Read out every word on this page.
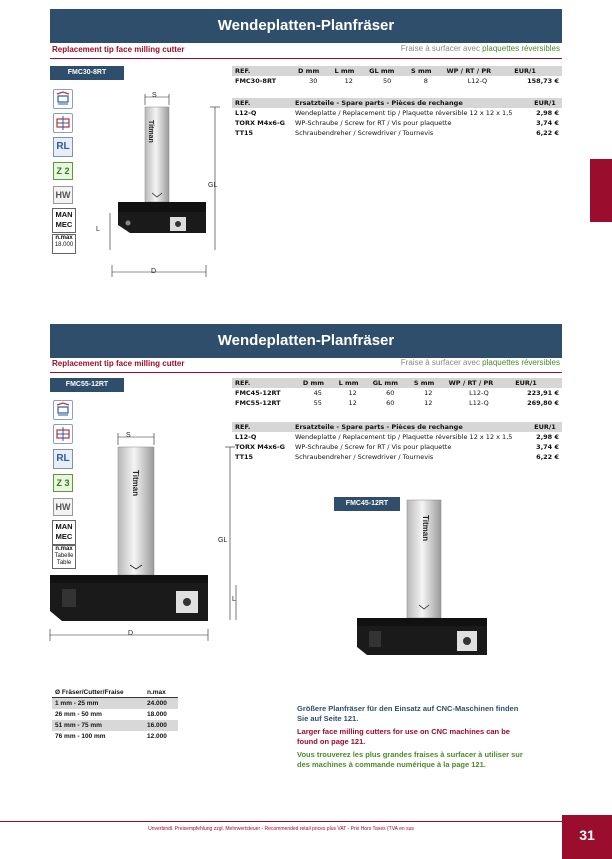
Wendeplatten-Planfräser
Replacement tip face milling cutter	Fraise à surfacer avec plaquettes réversibles
FMC30-8RT	REF.	D mm	L mm	GL mm	S mm	WP / RT / PR	EUR/1
FMC30-8RT	30	12	50	8	L12-Q	158,73 €
REF.	Ersatzteile - Spare parts - Pièces de rechange	EUR/1
L12-Q	Wendeplatte / Replacement tip / Plaquette réversible 12 x 12 x 1,5	2,98 €
TORX M4x6-G	WP-Schraube / Screw for RT / Vis pour plaquette	3,74 €
TT15	Schraubendreher / Screwdriver / Tournevis	6,22 €
RL
Z 2
HW
MAN
MEC
n.max
18.000
S
GL
L
D
Titman
Wendeplatten-Planfräser
Replacement tip face milling cutter	Fraise à surfacer avec plaquettes réversibles
FMC55-12RT	REF.	D mm	L mm	GL mm	S mm	WP / RT / PR	EUR/1
FMC45-12RT	45	12	60	12	L12-Q	223,91 €
FMC55-12RT	55	12	60	12	L12-Q	269,80 €
REF.	Ersatzteile - Spare parts - Pièces de rechange	EUR/1
L12-Q	Wendeplatte / Replacement tip / Plaquette réversible 12 x 12 x 1,5	2,98 €
TORX M4x6-G	WP-Schraube / Screw for RT / Vis pour plaquette	3,74 €
TT15	Schraubendreher / Screwdriver / Tournevis	6,22 €
RL
Z 3
HW
MAN
MEC
n.max
Tabelle
Table
S
GL
L
D
Titman
FMC45-12RT
Titman
Ø Fräser/Cutter/Fraise	n.max
1 mm - 25 mm	24.000
26 mm - 50 mm	18.000
51 mm - 75 mm	16.000
76 mm - 100 mm	12.000
Größere Planfräser für den Einsatz auf CNC-Maschinen finden Sie auf Seite 121.
Larger face milling cutters for use on CNC machines can be found on page 121.
Vous trouverez les plus grandes fraises à surfacer à utiliser sur des machines à commande numérique à la page 121.
Unverbindl. Preisempfehlung zzgl. Mehrwertsteuer - Recommended retail prices plus VAT - Prix Hors Taxes (TVA en sus	31
